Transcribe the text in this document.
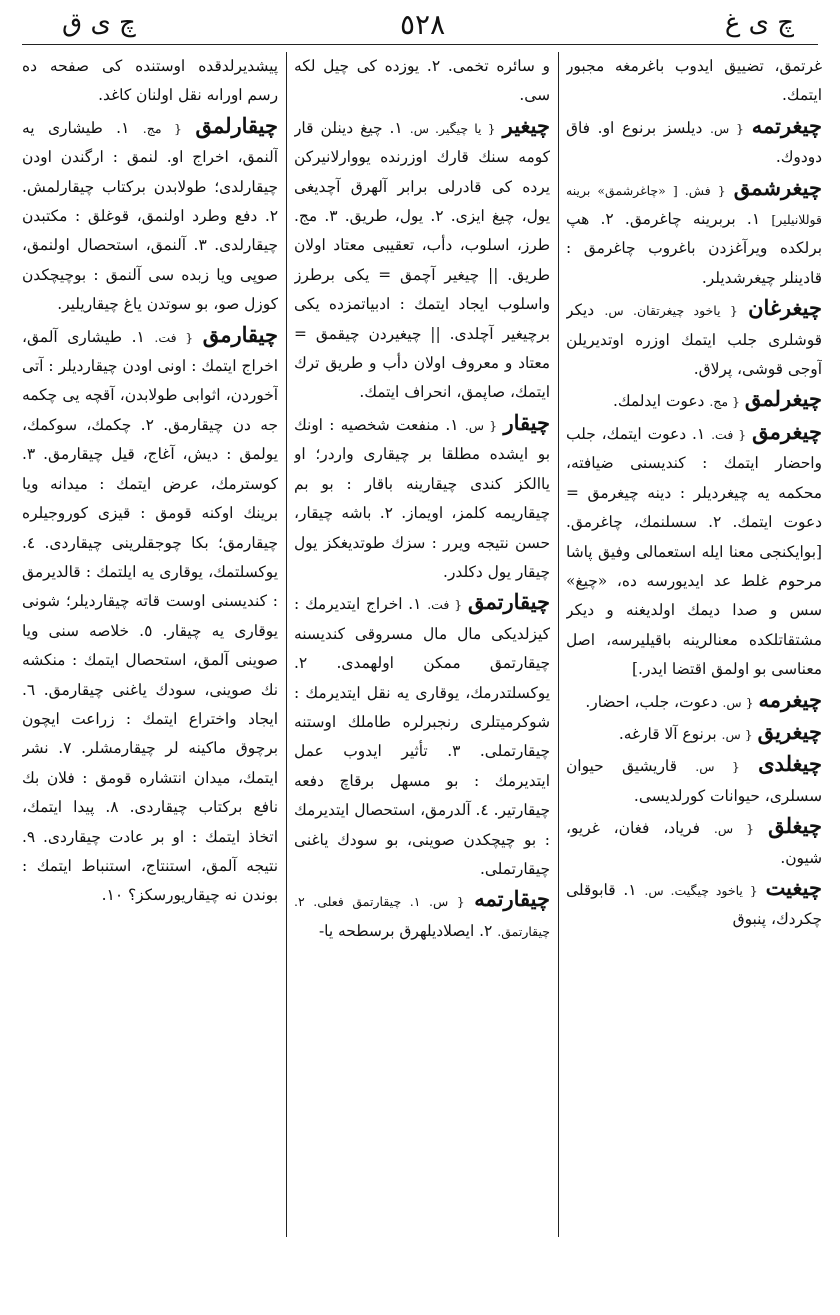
چ ى ق	٥٢٨	چ ى غ

غرتمق، تضييق ايدوب باغرمغه مجبور ايتمك.

چيغرتمه { س. ديلسز برنوع او. فاق دودوك.

چيغرشمق { فش. [ «چاغرشمق» برينه قوللانيلير] ١. بربرينه چاغرمق. ٢. هپ برلكده ويرآغزدن باغروب چاغرمق : قادينلر چيغرشديلر.

چيغرغان { ياخود چيغرتقان. س. ديكر قوشلرى جلب ايتمك اوزره اوتديريلن آوجى قوشى، پرلاق.

چيغرلمق { مج. دعوت ايدلمك.

چيغرمق { فت. ١. دعوت ايتمك، جلب واحضار ايتمك : كنديسنى ضيافته، محكمه يه چيغرديلر : دينه چيغرمق = دعوت ايتمك. ٢. سسلنمك، چاغرمق. [بوايكنجى معنا ايله استعمالى وفيق پاشا مرحوم غلط عد ايديورسه ده، «چيغ» سس و صدا ديمك اولديغنه و ديكر مشتقاتلكده معنالرينه باقيليرسه، اصل معناسى بو اولمق اقتضا ايدر.]

چيغرمه { س. دعوت، جلب، احضار.

چيغريق { س. برنوع آلا قارغه.

چيغلدى { س. قاريشيق حيوان سسلرى، حيوانات كورلديسى.

چيغلق { س. فرياد، فغان، غريو، شيون.

چيغيت { ياخود چيگيت. س. ١. قابوقلى چكردك، پنبوق

و سائره تخمى. ٢. يوزده كى چيل لكه سى.

چيغير { يا چيگير. س. ١. چيغ دينلن قار كومه سنك قارك اوزرنده يووارلانيركن يرده كى قادرلى برابر آلهرق آچديغى يول، چيغ ايزى. ٢. يول، طريق. ٣. مج. طرز، اسلوب، دأب، تعقيبى معتاد اولان طريق. || چيغير آچمق = يكى برطرز واسلوب ايجاد ايتمك : ادبياتمزده يكى برچيغير آچلدى. || چيغيردن چيقمق = معتاد و معروف اولان دأب و طريق ترك ايتمك، صاپمق، انحراف ايتمك.

چيقار { س. ١. منفعت شخصيه : اونك بو ايشده مطلقا بر چيقارى واردر؛ او ياالكز كندى چيقارينه باقار : بو بم چيقاريمه كلمز، اويماز. ٢. باشه چيقار، حسن نتيجه ويرر : سزك طوتديغكز يول چيقار يول دكلدر.

چيقارتمق { فت. ١. اخراج ايتديرمك : كيزلديكى مال مال مسروقى كنديسنه چيقارتمق ممكن اولهمدى. ٢. يوكسلتدرمك، يوقارى يه نقل ايتديرمك : شوكرميتلرى رنجبرلره طاملك اوستنه چيقارتملى. ٣. تأثير ايدوب عمل ايتديرمك : بو مسهل برقاچ دفعه چيقارتير. ٤. آلدرمق، استحصال ايتديرمك : بو چيچكدن صوينى، بو سودك ياغنى چيقارتملى.

چيقارتمه { س. ١. چيقارتمق فعلى. ٢. چيقارتمق. ٢. ايصلاديلهرق برسطحه يا-

پيشديرلدقده اوستنده كى صفحه ده رسم اوراىه نقل اولنان كاغد.

چيقارلمق { مج. ١. طيشارى يه آلنمق، اخراج او. لنمق : ارگندن اودن چيقارلدى؛ طولابدن بركتاب چيقارلمش. ٢. دفع وطرد اولنمق، قوغلق : مكتبدن چيقارلدى. ٣. آلنمق، استحصال اولنمق، صوپى ويا زبده سى آلنمق : بوچيچكدن كوزل صو، بو سوتدن ياغ چيقاريلير.

چيقارمق { فت. ١. طيشارى آلمق، اخراج ايتمك : اونى اودن چيقارديلر : آتى آخوردن، اثوابى طولابدن، آقچه يى چكمه جه دن چيقارمق. ٢. چكمك، سوكمك، يولمق : ديش، آغاج، قيل چيقارمق. ٣. كوسترمك، عرض ايتمك : ميدانه ويا برينك اوكنه قومق : قيزى كوروجيلره چيقارمق؛ بكا چوجقلرينى چيقاردى. ٤. يوكسلتمك، يوقارى يه ايلتمك : قالديرمق : كنديسنى اوست قاته چيقارديلر؛ شونى يوقارى يه چيقار. ٥. خلاصه سنى ويا صوينى آلمق، استحصال ايتمك : منكشه نك صوينى، سودك ياغنى چيقارمق. ٦. ايجاد واختراع ايتمك : زراعت ايچون برچوق ماكينه لر چيقارمشلر. ٧. نشر ايتمك، ميدان انتشاره قومق : فلان بك نافع بركتاب چيقاردى. ٨. پيدا ايتمك، اتخاذ ايتمك : او بر عادت چيقاردى. ٩. نتيجه آلمق، استنتاج، استنباط ايتمك : بوندن نه چيقاريورسكز؟ ١٠.
